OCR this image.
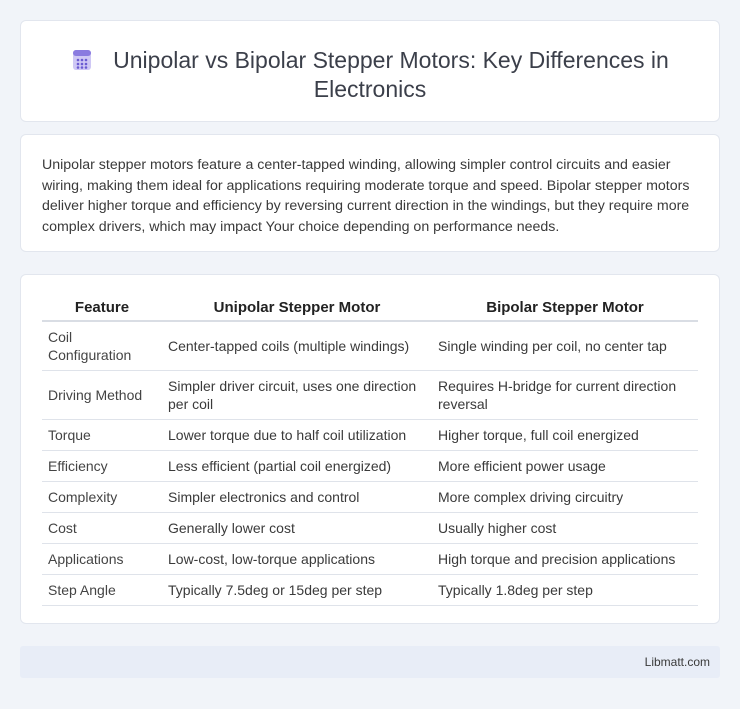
Unipolar vs Bipolar Stepper Motors: Key Differences in Electronics

Unipolar stepper motors feature a center-tapped winding, allowing simpler control circuits and easier wiring, making them ideal for applications requiring moderate torque and speed. Bipolar stepper motors deliver higher torque and efficiency by reversing current direction in the windings, but they require more complex drivers, which may impact Your choice depending on performance needs.

Feature	Unipolar Stepper Motor	Bipolar Stepper Motor
Coil Configuration	Center-tapped coils (multiple windings)	Single winding per coil, no center tap
Driving Method	Simpler driver circuit, uses one direction per coil	Requires H-bridge for current direction reversal
Torque	Lower torque due to half coil utilization	Higher torque, full coil energized
Efficiency	Less efficient (partial coil energized)	More efficient power usage
Complexity	Simpler electronics and control	More complex driving circuitry
Cost	Generally lower cost	Usually higher cost
Applications	Low-cost, low-torque applications	High torque and precision applications
Step Angle	Typically 7.5deg or 15deg per step	Typically 1.8deg per step
Libmatt.com
